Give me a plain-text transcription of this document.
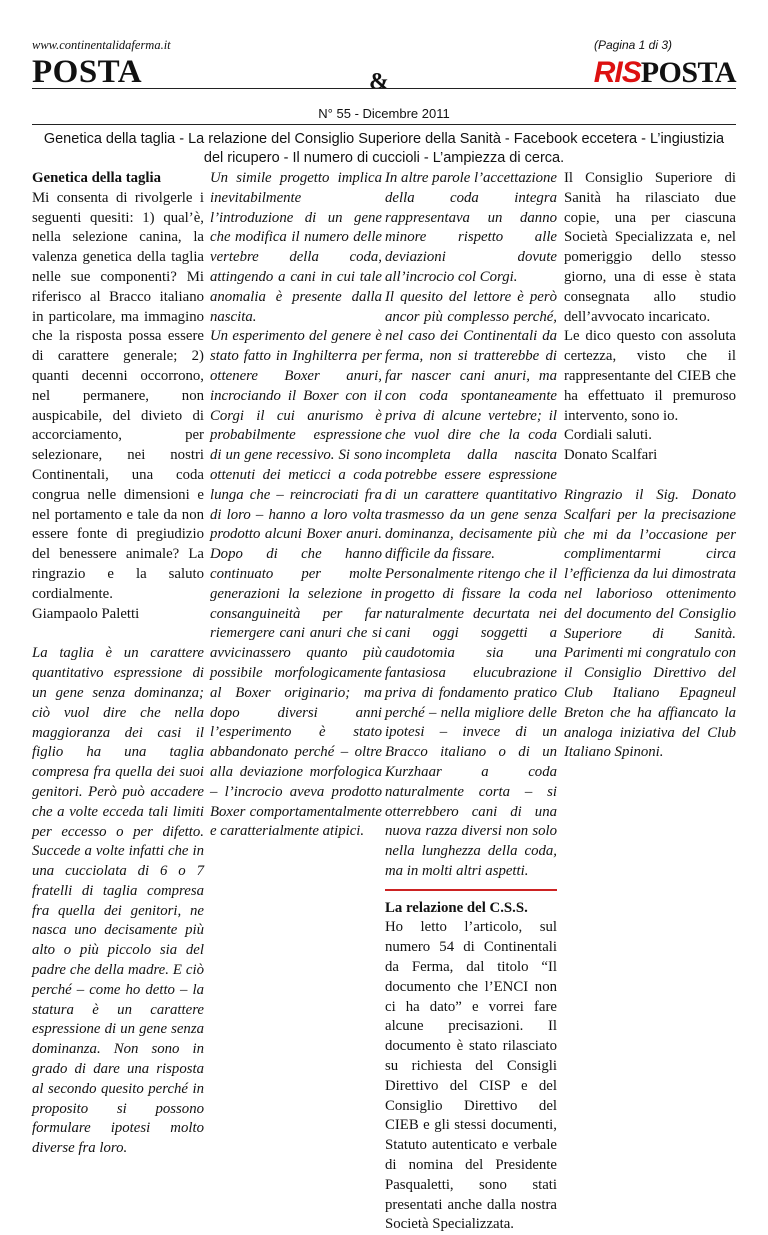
www.continentalidaferma.it	(Pagina 1 di 3)
POSTA	&	RISPOSTA
N° 55 - Dicembre 2011
Genetica della taglia - La relazione del Consiglio Superiore della Sanità - Facebook eccetera - L’ingiustizia del ricupero - Il numero di cuccioli - L’ampiezza di cerca.

Genetica della taglia

Mi consenta di rivolgerle i seguenti quesiti: 1) qual’è, nella selezione canina, la valenza genetica della taglia nelle sue componenti? Mi riferisco al Bracco italiano in particolare, ma immagino che la risposta possa essere di carattere generale; 2) quanti decenni occorrono, nel permanere, non auspicabile, del divieto di accorciamento, per selezionare, nei nostri Continentali, una coda congrua nelle dimensioni e nel portamento e tale da non essere fonte di pregiudizio del benessere animale? La ringrazio e la saluto cordialmente.

Giampaolo Paletti

La taglia è un carattere quantitativo espressione di un gene senza dominanza; ciò vuol dire che nella maggioranza dei casi il figlio ha una taglia compresa fra quella dei suoi genitori. Però può accadere che a volte ecceda tali limiti per eccesso o per difetto. Succede a volte infatti che in una cucciolata di 6 o 7 fratelli di taglia compresa fra quella dei genitori, ne nasca uno decisamente più alto o più piccolo sia del padre che della madre. E ciò perché – come ho detto – la statura è un carattere espressione di un gene senza dominanza. Non sono in grado di dare una risposta al secondo quesito perché in proposito si possono formulare ipotesi molto diverse fra loro.

Un simile progetto implica inevitabilmente l’introduzione di un gene che modifica il numero delle vertebre della coda, attingendo a cani in cui tale anomalia è presente dalla nascita.

Un esperimento del genere è stato fatto in Inghilterra per ottenere Boxer anuri, incrociando il Boxer con il Corgi il cui anurismo è probabilmente espressione di un gene recessivo. Si sono ottenuti dei meticci a coda lunga che – reincrociati fra di loro – hanno a loro volta prodotto alcuni Boxer anuri. Dopo di che hanno continuato per molte generazioni la selezione in consanguineità per far riemergere cani anuri che si avvicinassero quanto più possibile morfologicamente al Boxer originario; ma dopo diversi anni l’esperimento è stato abbandonato perché – oltre alla deviazione morfologica – l’incrocio aveva prodotto Boxer comportamentalmente e caratterialmente atipici.

In altre parole l’accettazione della coda integra rappresentava un danno minore rispetto alle deviazioni dovute all’incrocio col Corgi.

Il quesito del lettore è però ancor più complesso perché, nel caso dei Continentali da ferma, non si tratterebbe di far nascer cani anuri, ma con coda spontaneamente priva di alcune vertebre; il che vuol dire che la coda incompleta dalla nascita potrebbe essere espressione di un carattere quantitativo trasmesso da un gene senza dominanza, decisamente più difficile da fissare.

Personalmente ritengo che il progetto di fissare la coda naturalmente decurtata nei cani oggi soggetti a caudotomia sia una fantasiosa elucubrazione priva di fondamento pratico perché – nella migliore delle ipotesi – invece di un Bracco italiano o di un Kurzhaar a coda naturalmente corta – si otterrebbero cani di una nuova razza diversi non solo nella lunghezza della coda, ma in molti altri aspetti.

La relazione del C.S.S.

Ho letto l’articolo, sul numero 54 di Continentali da Ferma, dal titolo “Il documento che l’ENCI non ci ha dato” e vorrei fare alcune precisazioni. Il documento è stato rilasciato su richiesta del Consigli Direttivo del CISP e del Consiglio Direttivo del CIEB e gli stessi documenti, Statuto autenticato e verbale di nomina del Presidente Pasqualetti, sono stati presentati anche dalla nostra Società Specializzata.

Il Consiglio Superiore di Sanità ha rilasciato due copie, una per ciascuna Società Specializzata e, nel pomeriggio dello stesso giorno, una di esse è stata consegnata allo studio dell’avvocato incaricato.

Le dico questo con assoluta certezza, visto che il rappresentante del CIEB che ha effettuato il premuroso intervento, sono io.

Cordiali saluti.

Donato Scalfari

Ringrazio il Sig. Donato Scalfari per la precisazione che mi da l’occasione per complimentarmi circa l’efficienza da lui dimostrata nel laborioso ottenimento del documento del Consiglio Superiore di Sanità. Parimenti mi congratulo con il Consiglio Direttivo del Club Italiano Epagneul Breton che ha affiancato la analoga iniziativa del Club Italiano Spinoni.
